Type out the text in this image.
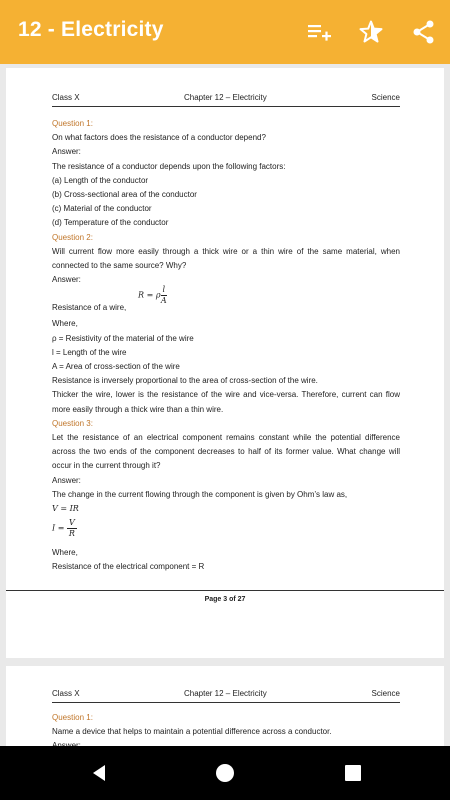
12 - Electricity
Class X	Chapter 12 – Electricity	Science
Question 1:
On what factors does the resistance of a conductor depend?
Answer:
The resistance of a conductor depends upon the following factors:
(a) Length of the conductor
(b) Cross-sectional area of the conductor
(c) Material of the conductor
(d) Temperature of the conductor
Question 2:
Will current flow more easily through a thick wire or a thin wire of the same material, when connected to the same source? Why?
Answer:
Resistance of a wire,
R = ρ $\frac{l}{A}$
Where,
ρ = Resistivity of the material of the wire
l = Length of the wire
A = Area of cross-section of the wire
Resistance is inversely proportional to the area of cross-section of the wire.
Thicker the wire, lower is the resistance of the wire and vice-versa. Therefore, current can flow more easily through a thick wire than a thin wire.
Question 3:
Let the resistance of an electrical component remains constant while the potential difference across the two ends of the component decreases to half of its former value. What change will occur in the current through it?
Answer:
The change in the current flowing through the component is given by Ohm’s law as,
V = IR
$I = \frac{V}{R}$
Where,
Resistance of the electrical component = R
Page 3 of 27
Class X	Chapter 12 – Electricity	Science
Question 1:
Name a device that helps to maintain a potential difference across a conductor.
